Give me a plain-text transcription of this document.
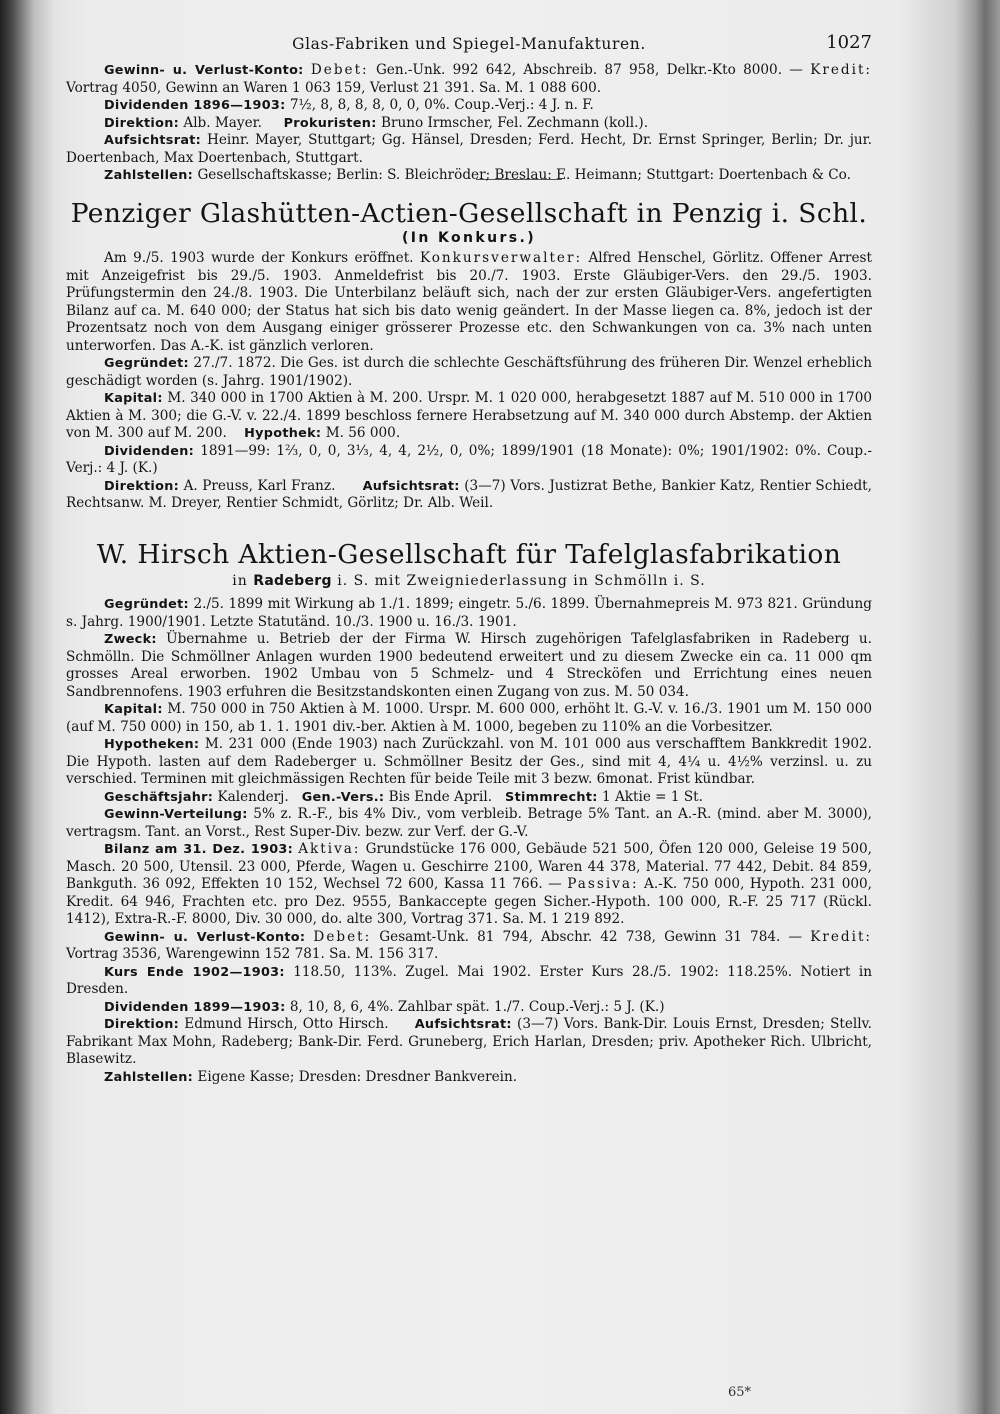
Glas-Fabriken und Spiegel-Manufakturen.	1027

Gewinn- u. Verlust-Konto: Debet: Gen.-Unk. 992 642, Abschreib. 87 958, Delkr.-Kto 8000. — Kredit: Vortrag 4050, Gewinn an Waren 1 063 159, Verlust 21 391. Sa. M. 1 088 600.

Dividenden 1896—1903: 7½, 8, 8, 8, 8, 0, 0, 0%. Coup.-Verj.: 4 J. n. F.

Direktion: Alb. Mayer. Prokuristen: Bruno Irmscher, Fel. Zechmann (koll.).

Aufsichtsrat: Heinr. Mayer, Stuttgart; Gg. Hänsel, Dresden; Ferd. Hecht, Dr. Ernst Springer, Berlin; Dr. jur. Doertenbach, Max Doertenbach, Stuttgart.

Zahlstellen: Gesellschaftskasse; Berlin: S. Bleichröder; Breslau: E. Heimann; Stuttgart: Doertenbach & Co.

Penziger Glashütten-Actien-Gesellschaft in Penzig i. Schl.
(In Konkurs.)

Am 9./5. 1903 wurde der Konkurs eröffnet. Konkursverwalter: Alfred Henschel, Görlitz. Offener Arrest mit Anzeigefrist bis 29./5. 1903. Anmeldefrist bis 20./7. 1903. Erste Gläubiger-Vers. den 29./5. 1903. Prüfungstermin den 24./8. 1903. Die Unterbilanz beläuft sich, nach der zur ersten Gläubiger-Vers. angefertigten Bilanz auf ca. M. 640 000; der Status hat sich bis dato wenig geändert. In der Masse liegen ca. 8%, jedoch ist der Prozentsatz noch von dem Ausgang einiger grösserer Prozesse etc. den Schwankungen von ca. 3% nach unten unterworfen. Das A.-K. ist gänzlich verloren.

Gegründet: 27./7. 1872. Die Ges. ist durch die schlechte Geschäftsführung des früheren Dir. Wenzel erheblich geschädigt worden (s. Jahrg. 1901/1902).

Kapital: M. 340 000 in 1700 Aktien à M. 200. Urspr. M. 1 020 000, herabgesetzt 1887 auf M. 510 000 in 1700 Aktien à M. 300; die G.-V. v. 22./4. 1899 beschloss fernere Herabsetzung auf M. 340 000 durch Abstemp. der Aktien von M. 300 auf M. 200. Hypothek: M. 56 000.

Dividenden: 1891—99: 1⅔, 0, 0, 3⅓, 4, 4, 2½, 0, 0%; 1899/1901 (18 Monate): 0%; 1901/1902: 0%. Coup.-Verj.: 4 J. (K.)

Direktion: A. Preuss, Karl Franz. Aufsichtsrat: (3—7) Vors. Justizrat Bethe, Bankier Katz, Rentier Schiedt, Rechtsanw. M. Dreyer, Rentier Schmidt, Görlitz; Dr. Alb. Weil.

W. Hirsch Aktien-Gesellschaft für Tafelglasfabrikation
in Radeberg i. S. mit Zweigniederlassung in Schmölln i. S.

Gegründet: 2./5. 1899 mit Wirkung ab 1./1. 1899; eingetr. 5./6. 1899. Übernahmepreis M. 973 821. Gründung s. Jahrg. 1900/1901. Letzte Statutänd. 10./3. 1900 u. 16./3. 1901.

Zweck: Übernahme u. Betrieb der der Firma W. Hirsch zugehörigen Tafelglasfabriken in Radeberg u. Schmölln. Die Schmöllner Anlagen wurden 1900 bedeutend erweitert und zu diesem Zwecke ein ca. 11 000 qm grosses Areal erworben. 1902 Umbau von 5 Schmelz- und 4 Strecköfen und Errichtung eines neuen Sandbrennofens. 1903 erfuhren die Besitzstandskonten einen Zugang von zus. M. 50 034.

Kapital: M. 750 000 in 750 Aktien à M. 1000. Urspr. M. 600 000, erhöht lt. G.-V. v. 16./3. 1901 um M. 150 000 (auf M. 750 000) in 150, ab 1. 1. 1901 div.-ber. Aktien à M. 1000, begeben zu 110% an die Vorbesitzer.

Hypotheken: M. 231 000 (Ende 1903) nach Zurückzahl. von M. 101 000 aus verschafftem Bankkredit 1902. Die Hypoth. lasten auf dem Radeberger u. Schmöllner Besitz der Ges., sind mit 4, 4¼ u. 4½% verzinsl. u. zu verschied. Terminen mit gleichmässigen Rechten für beide Teile mit 3 bezw. 6monat. Frist kündbar.

Geschäftsjahr: Kalenderj. Gen.-Vers.: Bis Ende April. Stimmrecht: 1 Aktie = 1 St.

Gewinn-Verteilung: 5% z. R.-F., bis 4% Div., vom verbleib. Betrage 5% Tant. an A.-R. (mind. aber M. 3000), vertragsm. Tant. an Vorst., Rest Super-Div. bezw. zur Verf. der G.-V.

Bilanz am 31. Dez. 1903: Aktiva: Grundstücke 176 000, Gebäude 521 500, Öfen 120 000, Geleise 19 500, Masch. 20 500, Utensil. 23 000, Pferde, Wagen u. Geschirre 2100, Waren 44 378, Material. 77 442, Debit. 84 859, Bankguth. 36 092, Effekten 10 152, Wechsel 72 600, Kassa 11 766. — Passiva: A.-K. 750 000, Hypoth. 231 000, Kredit. 64 946, Frachten etc. pro Dez. 9555, Bankaccepte gegen Sicher.-Hypoth. 100 000, R.-F. 25 717 (Rückl. 1412), Extra-R.-F. 8000, Div. 30 000, do. alte 300, Vortrag 371. Sa. M. 1 219 892.

Gewinn- u. Verlust-Konto: Debet: Gesamt-Unk. 81 794, Abschr. 42 738, Gewinn 31 784. — Kredit: Vortrag 3536, Warengewinn 152 781. Sa. M. 156 317.

Kurs Ende 1902—1903: 118.50, 113%. Zugel. Mai 1902. Erster Kurs 28./5. 1902: 118.25%. Notiert in Dresden.

Dividenden 1899—1903: 8, 10, 8, 6, 4%. Zahlbar spät. 1./7. Coup.-Verj.: 5 J. (K.)

Direktion: Edmund Hirsch, Otto Hirsch. Aufsichtsrat: (3—7) Vors. Bank-Dir. Louis Ernst, Dresden; Stellv. Fabrikant Max Mohn, Radeberg; Bank-Dir. Ferd. Gruneberg, Erich Harlan, Dresden; priv. Apotheker Rich. Ulbricht, Blasewitz.

Zahlstellen: Eigene Kasse; Dresden: Dresdner Bankverein.

65*
